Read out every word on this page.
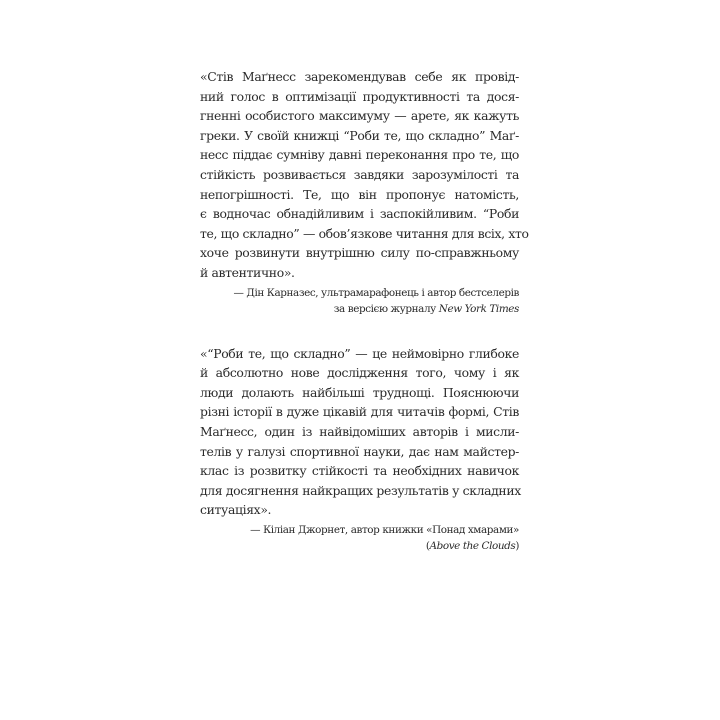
«Стів Маґнесс зарекомендував себе як провід-
ний голос в оптимізації продуктивності та дося-
гненні особистого максимуму — арете, як кажуть
греки. У своїй книжці “Роби те, що складно” Маґ-
несс піддає сумніву давні переконання про те, що
стійкість розвивається завдяки зарозумілості та
непогрішності. Те, що він пропонує натомість,
є водночас обнадійливим і заспокійливим. “Роби
те, що складно” — обов’язкове читання для всіх, хто
хоче розвинути внутрішню силу по-справжньому
й автентично».

— Дін Карназес, ультрамарафонець і автор бестселерів
за версією журналу New York Times

«“Роби те, що складно” — це неймовірно глибоке
й абсолютно нове дослідження того, чому і як
люди долають найбільші труднощі. Пояснюючи
різні історії в дуже цікавій для читачів формі, Стів
Маґнесс, один із найвідоміших авторів і мисли-
телів у галузі спортивної науки, дає нам майстер-
клас із розвитку стійкості та необхідних навичок
для досягнення найкращих результатів у складних
ситуаціях».

— Кіліан Джорнет, автор книжки «Понад хмарами»
(Above the Clouds)
